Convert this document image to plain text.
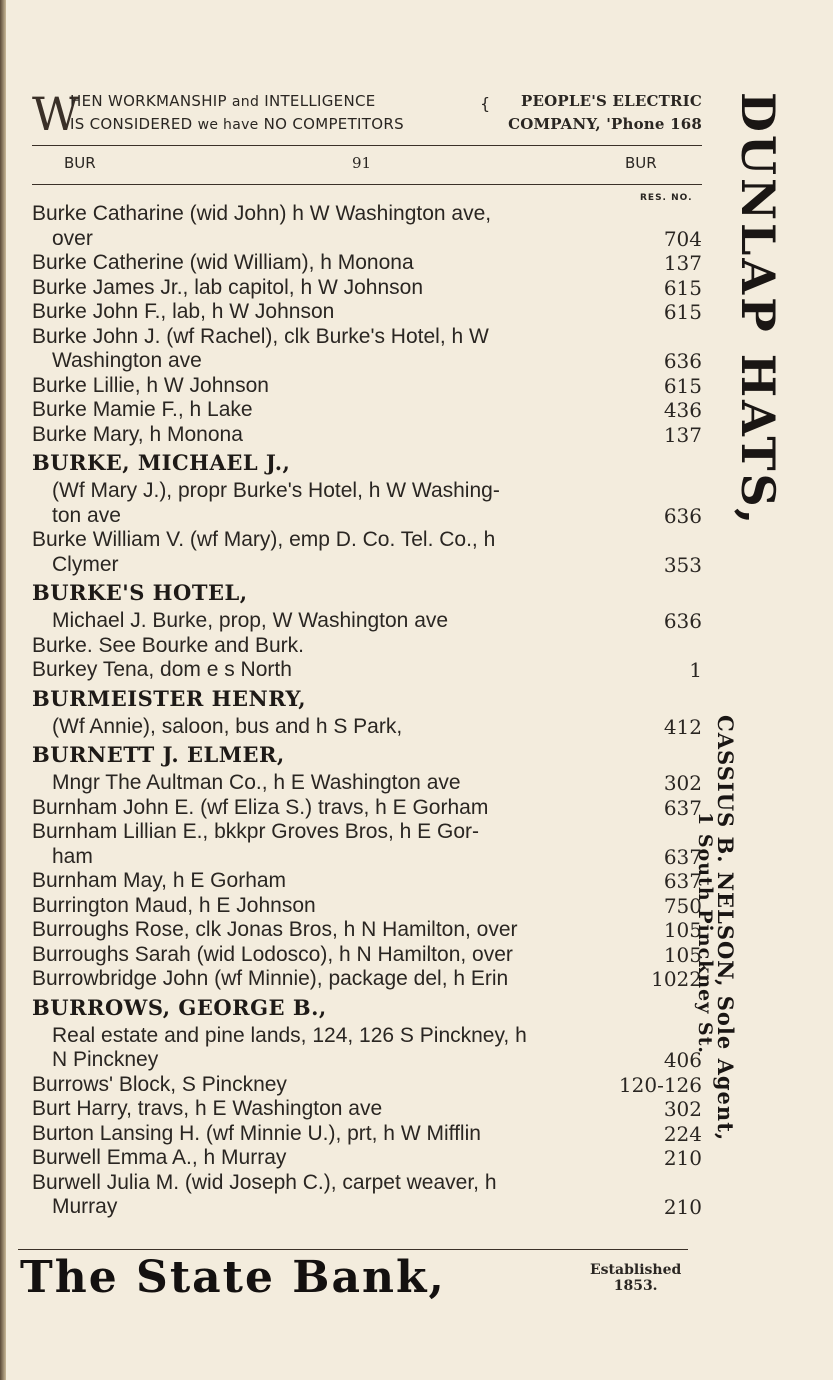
W
HEN WORKMANSHIP and INTELLIGENCE
IS CONSIDERED we have NO COMPETITORS
{ PEOPLE'S ELECTRIC
COMPANY, 'Phone 168
BUR	91	BUR
RES. NO.
Burke Catharine (wid John) h W Washington ave,
over	704
Burke Catherine (wid William), h Monona	137
Burke James Jr., lab capitol, h W Johnson	615
Burke John F., lab, h W Johnson	615
Burke John J. (wf Rachel), clk Burke's Hotel, h W
Washington ave	636
Burke Lillie, h W Johnson	615
Burke Mamie F., h Lake	436
Burke Mary, h Monona	137
BURKE, MICHAEL J.,
(Wf Mary J.), propr Burke's Hotel, h W Washing-
ton ave	636
Burke William V. (wf Mary), emp D. Co. Tel. Co., h
Clymer	353
BURKE'S HOTEL,
Michael J. Burke, prop, W Washington ave	636
Burke. See Bourke and Burk.
Burkey Tena, dom e s North	1
BURMEISTER HENRY,
(Wf Annie), saloon, bus and h S Park,	412
BURNETT J. ELMER,
Mngr The Aultman Co., h E Washington ave	302
Burnham John E. (wf Eliza S.) travs, h E Gorham	637
Burnham Lillian E., bkkpr Groves Bros, h E Gor-
ham	637
Burnham May, h E Gorham	637
Burrington Maud, h E Johnson	750
Burroughs Rose, clk Jonas Bros, h N Hamilton, over	105
Burroughs Sarah (wid Lodosco), h N Hamilton, over	105
Burrowbridge John (wf Minnie), package del, h Erin	1022
BURROWS, GEORGE B.,
Real estate and pine lands, 124, 126 S Pinckney, h
N Pinckney	406
Burrows' Block, S Pinckney	120-126
Burt Harry, travs, h E Washington ave	302
Burton Lansing H. (wf Minnie U.), prt, h W Mifflin	224
Burwell Emma A., h Murray	210
Burwell Julia M. (wid Joseph C.), carpet weaver, h
Murray	210
DUNLAP HATS,
CASSIUS B. NELSON, Sole Agent,
1 South Pinckney St.
The State Bank,	Established
1853.
